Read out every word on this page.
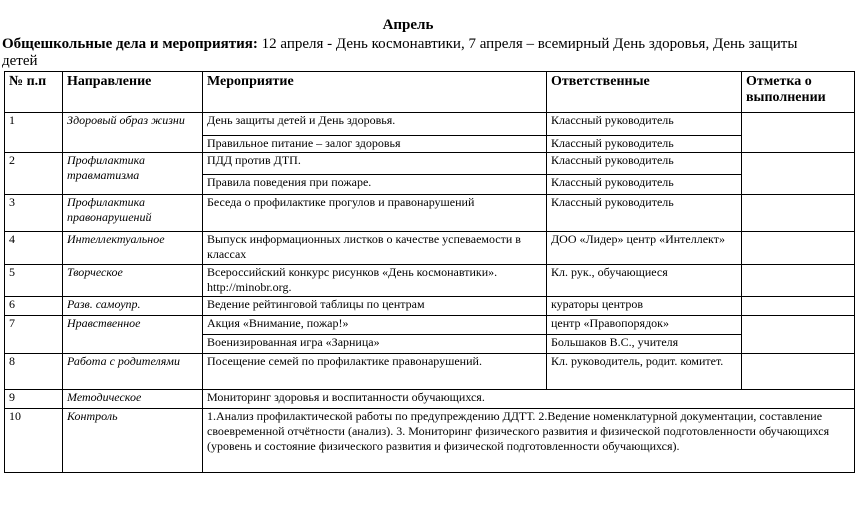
Апрель
Общешкольные дела и мероприятия: 12 апреля - День космонавтики, 7 апреля – всемирный День здоровья, День защиты детей
№ п.п	Направление	Мероприятие	Ответственные	Отметка о выполнении
1	Здоровый образ жизни	День защиты детей и День здоровья.	Классный руководитель	
		Правильное питание – залог здоровья	Классный руководитель	
2	Профилактика травматизма	ПДД против ДТП.	Классный руководитель	
		Правила поведения при пожаре.	Классный руководитель	
3	Профилактика правонарушений	Беседа о профилактике прогулов и правонарушений	Классный руководитель	
4	Интеллектуальное	Выпуск информационных листков о качестве успеваемости в классах	ДОО «Лидер» центр «Интеллект»	
5	Творческое	Всероссийский конкурс рисунков «День космонавтики». http://minobr.org.	Кл. рук., обучающиеся	
6	Разв. самоупр.	Ведение рейтинговой таблицы по центрам	кураторы центров	
7	Нравственное	Акция «Внимание, пожар!»	центр «Правопорядок»	
		Военизированная игра «Зарница»	Большаков В.С., учителя	
8	Работа с родителями	Посещение семей по профилактике правонарушений.	Кл. руководитель, родит. комитет.	
9	Методическое	Мониторинг здоровья и воспитанности обучающихся.		
10	Контроль	1.Анализ профилактической работы по предупреждению ДДТТ. 2.Ведение номенклатурной документации, составление своевременной отчётности (анализ). 3. Мониторинг физического развития и физической подготовленности обучающихся (уровень и состояние физического развития и физической подготовленности обучающихся).		
